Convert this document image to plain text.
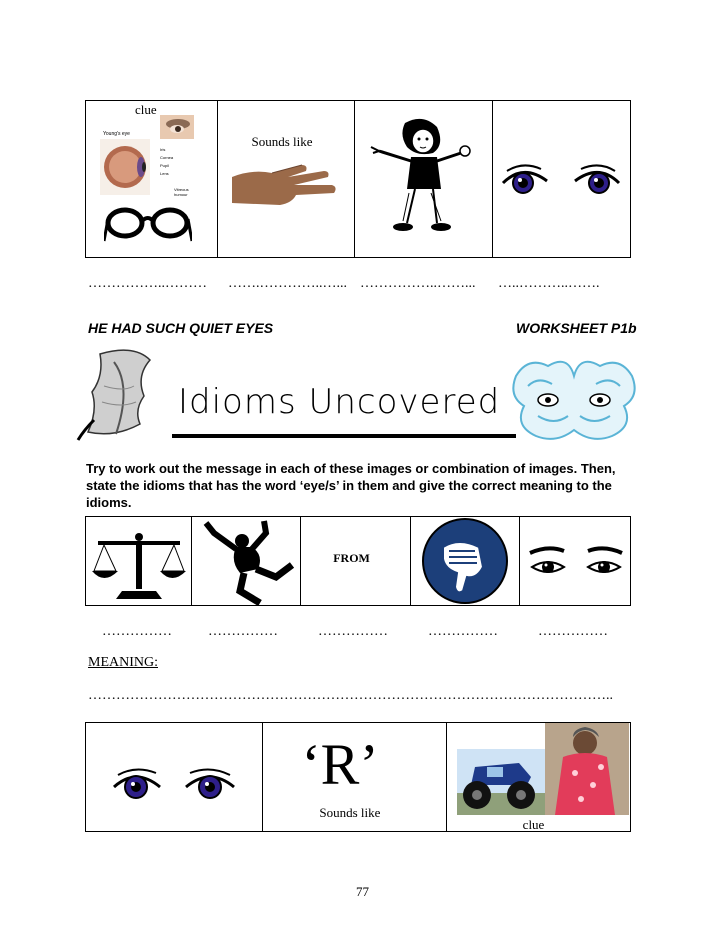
clue
Young's eye
Iris
Cornea
Pupil
Lens
Vitreous humour
Sounds like
……………..……… …….…………..…... ……………..……... …..………..…….
HE HAD SUCH QUIET EYES	WORKSHEET P1b
Idioms Uncovered
Try to work out the message in each of these images or combination of images. Then, state the idioms that has the word ‘eye/s’ in them and give the correct meaning to the idioms.
FROM
……………	……………	……………	……………	……………
MEANING:
…………………………………………………………………………………………………..
‘R’
Sounds like
clue
77
